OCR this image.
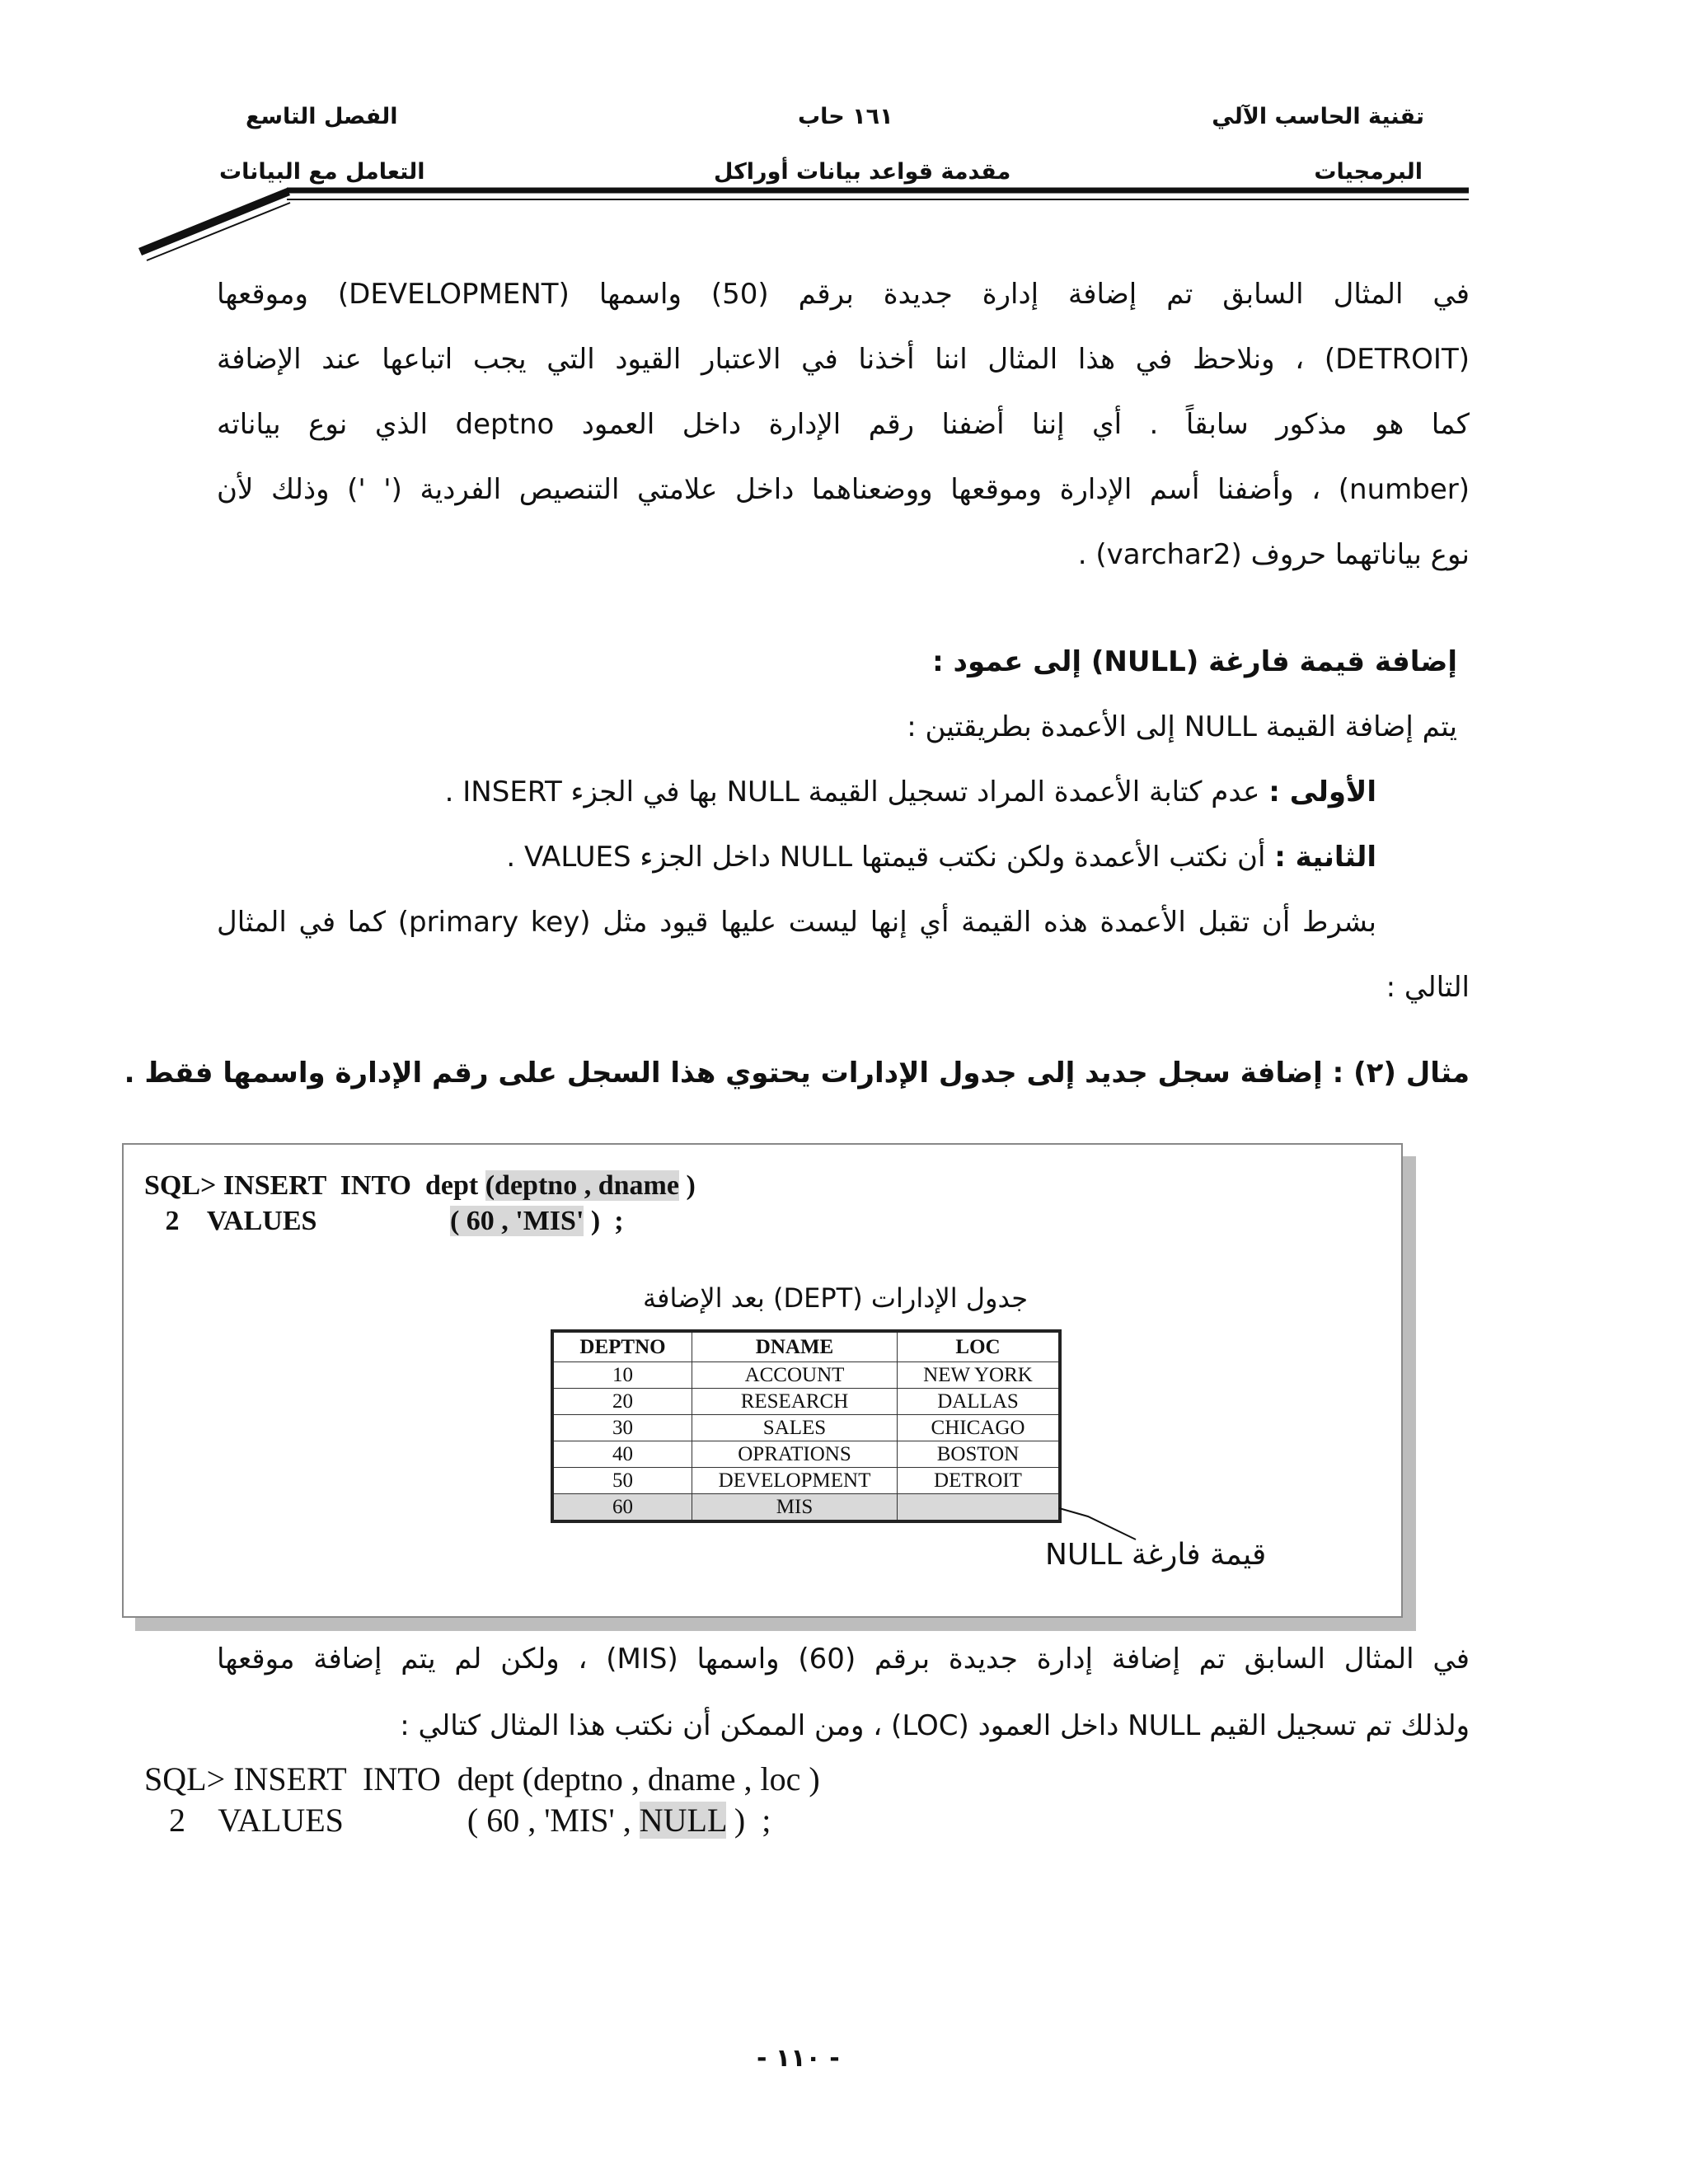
تقنية الحاسب الآلي
البرمجيات
١٦١ حاب
مقدمة قواعد بيانات أوراكل
الفصل التاسع
التعامل مع البيانات
في المثال السابق تم إضافة إدارة جديدة برقم (50) واسمها (DEVELOPMENT) وموقعها
(DETROIT) ، ونلاحظ في هذا المثال اننا أخذنا في الاعتبار القيود التي يجب اتباعها عند الإضافة
كما هو مذكور سابقاً . أي إننا أضفنا رقم الإدارة داخل العمود deptno الذي نوع بياناته
(number) ، وأضفنا أسم الإدارة وموقعها ووضعناهما داخل علامتي التنصيص الفردية (' ') وذلك لأن
نوع بياناتهما حروف (varchar2) .
إضافة قيمة فارغة (NULL) إلى عمود :
يتم إضافة القيمة NULL إلى الأعمدة بطريقتين :
الأولى : عدم كتابة الأعمدة المراد تسجيل القيمة NULL بها في الجزء INSERT .
الثانية : أن نكتب الأعمدة ولكن نكتب قيمتها NULL داخل الجزء VALUES .
بشرط أن تقبل الأعمدة هذه القيمة أي إنها ليست عليها قيود مثل (primary key) كما في المثال
التالي :
مثال (٢) : إضافة سجل جديد إلى جدول الإدارات يحتوي هذا السجل على رقم الإدارة واسمها فقط .
SQL> INSERT  INTO  dept (deptno , dname )
2    VALUES                   ( 60 , 'MIS' )  ;
جدول الإدارات (DEPT) بعد الإضافة
DEPTNO	DNAME	LOC
10	ACCOUNT	NEW YORK
20	RESEARCH	DALLAS
30	SALES	CHICAGO
40	OPRATIONS	BOSTON
50	DEVELOPMENT	DETROIT
60	MIS	
قيمة فارغة NULL
في المثال السابق تم إضافة إدارة جديدة برقم (60) واسمها (MIS) ، ولكن لم يتم إضافة موقعها
ولذلك تم تسجيل القيم NULL داخل العمود (LOC) ، ومن الممكن أن نكتب هذا المثال كتالي :
SQL> INSERT  INTO  dept (deptno , dname , loc )
2    VALUES               ( 60 , 'MIS' , NULL )  ;
- ١١٠ -
